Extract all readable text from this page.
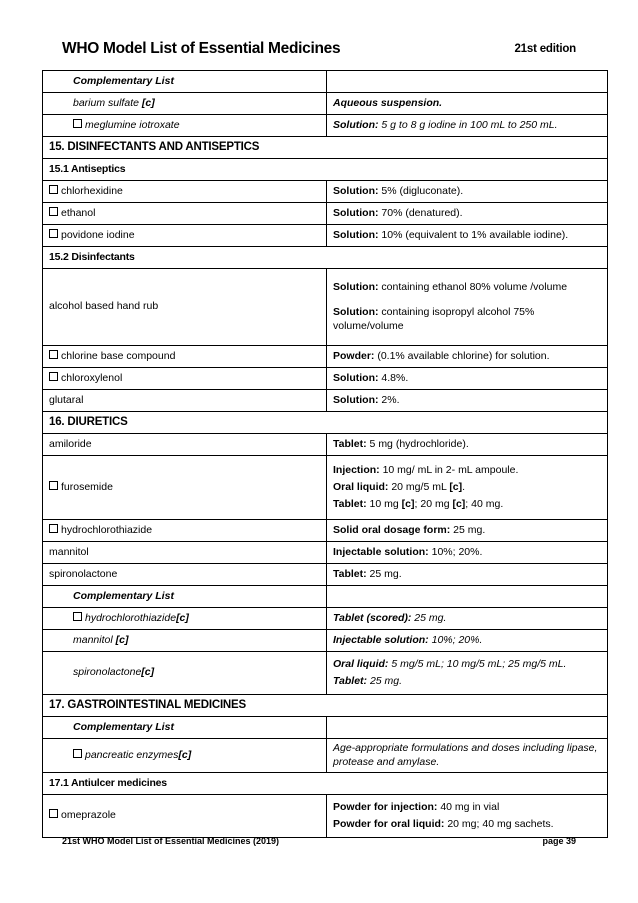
WHO Model List of Essential Medicines	21st edition
Complementary List	
barium sulfate [c]	Aqueous suspension.
meglumine iotroxate	Solution: 5 g to 8 g iodine in 100 mL to 250 mL.
15. DISINFECTANTS AND ANTISEPTICS	
15.1 Antiseptics	
chlorhexidine	Solution: 5% (digluconate).
ethanol	Solution: 70% (denatured).
povidone iodine	Solution: 10% (equivalent to 1% available iodine).
15.2 Disinfectants	
alcohol based hand rub	Solution: containing ethanol 80% volume /volume
Solution: containing isopropyl alcohol 75% volume/volume

chlorine base compound	Powder: (0.1% available chlorine) for solution.
chloroxylenol	Solution: 4.8%.
glutaral	Solution: 2%.
16. DIURETICS	
amiloride	Tablet: 5 mg (hydrochloride).
furosemide	Injection: 10 mg/ mL in 2- mL ampoule.
Oral liquid: 20 mg/5 mL [c].
Tablet: 10 mg [c]; 20 mg [c]; 40 mg.

hydrochlorothiazide	Solid oral dosage form: 25 mg.
mannitol	Injectable solution: 10%; 20%.
spironolactone	Tablet: 25 mg.
Complementary List	
hydrochlorothiazide[c]	Tablet (scored): 25 mg.
mannitol [c]	Injectable solution: 10%; 20%.
spironolactone[c]	Oral liquid: 5 mg/5 mL; 10 mg/5 mL; 25 mg/5 mL.
Tablet: 25 mg.

17. GASTROINTESTINAL MEDICINES	
Complementary List	
pancreatic enzymes[c]	Age-appropriate formulations and doses including lipase, protease and amylase.
17.1 Antiulcer medicines	
omeprazole	Powder for injection: 40 mg in vial
Powder for oral liquid: 20 mg; 40 mg sachets.
21st WHO Model List of Essential Medicines (2019)	page 39
